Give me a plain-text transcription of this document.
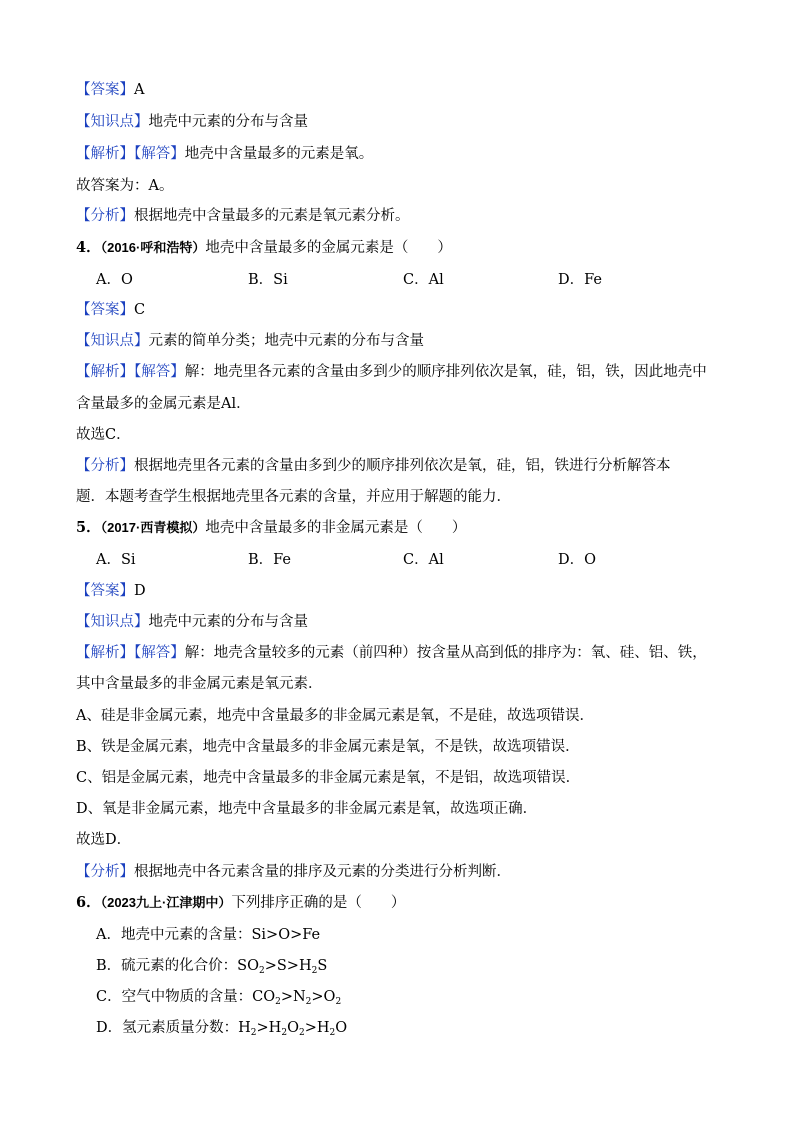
【答案】A
【知识点】地壳中元素的分布与含量
【解析】【解答】地壳中含量最多的元素是氧。
故答案为：A。
【分析】根据地壳中含量最多的元素是氧元素分析。
4．（2016·呼和浩特）地壳中含量最多的金属元素是（　　）
A．O	B．Si	C．Al	D．Fe
【答案】C
【知识点】元素的简单分类；地壳中元素的分布与含量
【解析】【解答】解：地壳里各元素的含量由多到少的顺序排列依次是氧，硅，铝，铁，因此地壳中
含量最多的金属元素是Al．
故选C．
【分析】根据地壳里各元素的含量由多到少的顺序排列依次是氧，硅，铝，铁进行分析解答本
题．本题考查学生根据地壳里各元素的含量，并应用于解题的能力．
5．（2017·西青模拟）地壳中含量最多的非金属元素是（　　）
A．Si	B．Fe	C．Al	D．O
【答案】D
【知识点】地壳中元素的分布与含量
【解析】【解答】解：地壳含量较多的元素（前四种）按含量从高到低的排序为：氧、硅、铝、铁，
其中含量最多的非金属元素是氧元素．
A、硅是非金属元素，地壳中含量最多的非金属元素是氧，不是硅，故选项错误．
B、铁是金属元素，地壳中含量最多的非金属元素是氧，不是铁，故选项错误．
C、铝是金属元素，地壳中含量最多的非金属元素是氧，不是铝，故选项错误．
D、氧是非金属元素，地壳中含量最多的非金属元素是氧，故选项正确．
故选D．
【分析】根据地壳中各元素含量的排序及元素的分类进行分析判断．
6．（2023九上·江津期中）下列排序正确的是（　　）
A．地壳中元素的含量：Si>O>Fe
B．硫元素的化合价：$SO_2>S>H_2S$
C．空气中物质的含量：$CO_2>N_2>O_2$
D．氢元素质量分数：$H_2>H_2O_2>H_2O$
